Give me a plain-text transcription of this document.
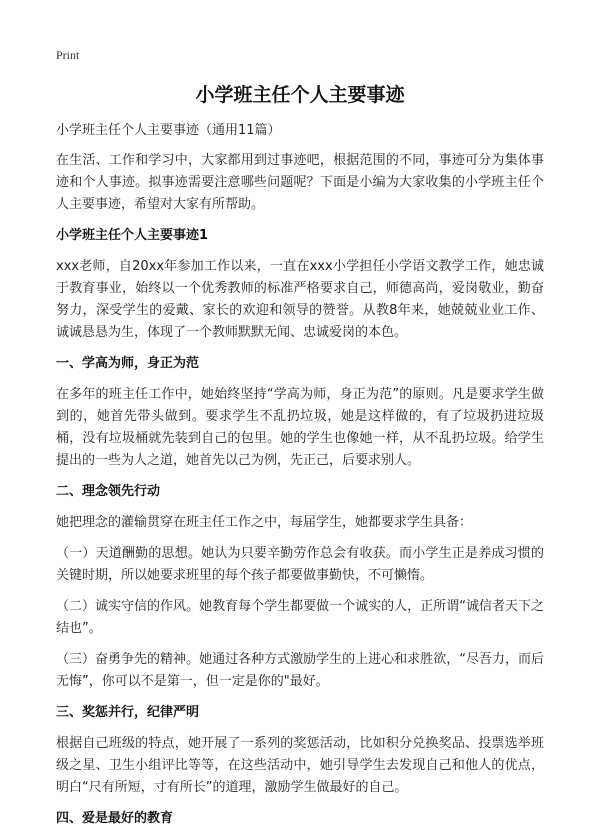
Print
小学班主任个人主要事迹

小学班主任个人主要事迹（通用11篇）

在生活、工作和学习中，大家都用到过事迹吧，根据范围的不同，事迹可分为集体事迹和个人事迹。拟事迹需要注意哪些问题呢？下面是小编为大家收集的小学班主任个人主要事迹，希望对大家有所帮助。

小学班主任个人主要事迹1

xxx老师，自20xx年参加工作以来，一直在xxx小学担任小学语文教学工作，她忠诚于教育事业，始终以一个优秀教师的标准严格要求自己，师德高尚，爱岗敬业，勤奋努力，深受学生的爱戴、家长的欢迎和领导的赞誉。从教8年来，她兢兢业业工作、诚诚恳恳为生，体现了一个教师默默无闻、忠诚爱岗的本色。

一、学高为师，身正为范

在多年的班主任工作中，她始终坚持“学高为师，身正为范”的原则。凡是要求学生做到的，她首先带头做到。要求学生不乱扔垃圾，她是这样做的，有了垃圾扔进垃圾桶，没有垃圾桶就先装到自己的包里。她的学生也像她一样，从不乱扔垃圾。给学生提出的一些为人之道，她首先以己为例，先正己，后要求别人。

二、理念领先行动

她把理念的灌输贯穿在班主任工作之中，每届学生，她都要求学生具备：

（一）天道酬勤的思想。她认为只要辛勤劳作总会有收获。而小学生正是养成习惯的关键时期，所以她要求班里的每个孩子都要做事勤快，不可懒惰。

（二）诚实守信的作风。她教育每个学生都要做一个诚实的人，正所谓“诚信者天下之结也”。

（三）奋勇争先的精神。她通过各种方式激励学生的上进心和求胜欲，“尽吾力，而后无悔”，你可以不是第一，但一定是你的"最好。

三、奖惩并行，纪律严明

根据自己班级的特点，她开展了一系列的奖惩活动，比如积分兑换奖品、投票选举班级之星、卫生小组评比等等，在这些活动中，她引导学生去发现自己和他人的优点，明白“尺有所短，寸有所长”的道理，激励学生做最好的自己。

四、爱是最好的教育
